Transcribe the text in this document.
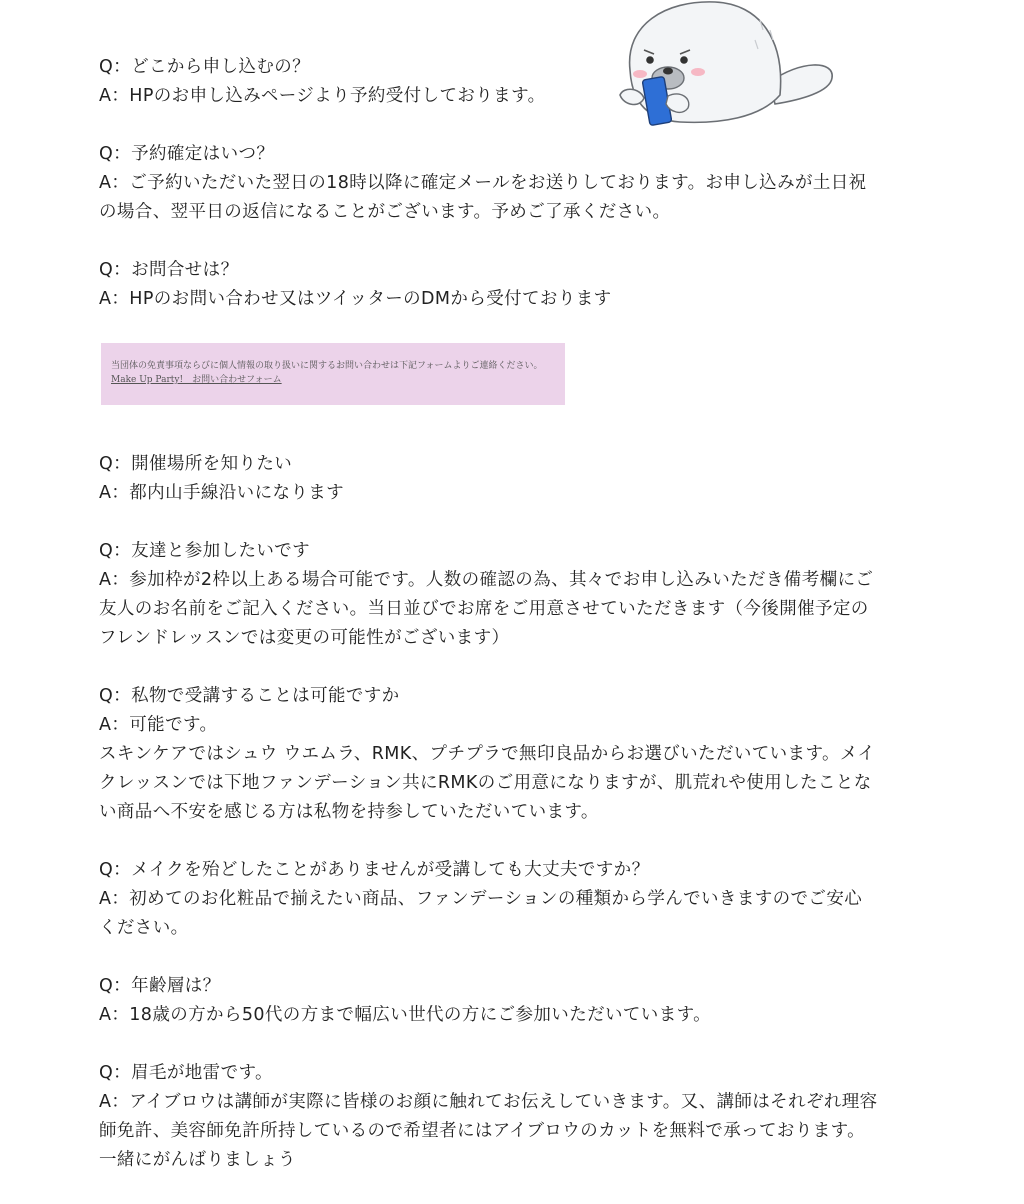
Q：どこから申し込むの？

A：HPのお申し込みページより予約受付しております。

Q：予約確定はいつ？

A：ご予約いただいた翌日の18時以降に確定メールをお送りしております。お申し込みが土日祝

の場合、翌平日の返信になることがございます。予めご了承ください。

Q：お問合せは？

A：HPのお問い合わせ又はツイッターのDMから受付ております

当団体の免責事項ならびに個人情報の取り扱いに関するお問い合わせは下記フォームよりご連絡ください。
Make Up Party!　お問い合わせフォーム

Q：開催場所を知りたい

A：都内山手線沿いになります

Q：友達と参加したいです

A：参加枠が2枠以上ある場合可能です。人数の確認の為、其々でお申し込みいただき備考欄にご

友人のお名前をご記入ください。当日並びでお席をご用意させていただきます（今後開催予定の

フレンドレッスンでは変更の可能性がございます）

Q：私物で受講することは可能ですか

A：可能です。

スキンケアではシュウ ウエムラ、RMK、プチプラで無印良品からお選びいただいています。メイ

クレッスンでは下地ファンデーション共にRMKのご用意になりますが、肌荒れや使用したことな

い商品へ不安を感じる方は私物を持参していただいています。

Q：メイクを殆どしたことがありませんが受講しても大丈夫ですか？

A：初めてのお化粧品で揃えたい商品、ファンデーションの種類から学んでいきますのでご安心

ください。

Q：年齢層は？

A：18歳の方から50代の方まで幅広い世代の方にご参加いただいています。

Q：眉毛が地雷です。

A：アイブロウは講師が実際に皆様のお顔に触れてお伝えしていきます。又、講師はそれぞれ理容

師免許、美容師免許所持しているので希望者にはアイブロウのカットを無料で承っております。

一緒にがんばりましょう
